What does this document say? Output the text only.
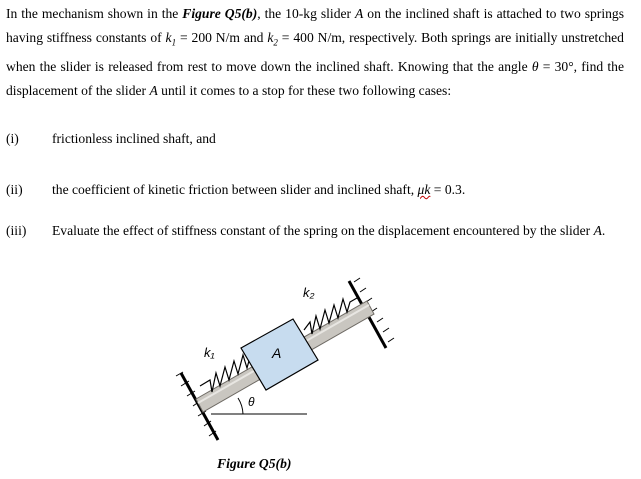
In the mechanism shown in the Figure Q5(b), the 10-kg slider A on the inclined shaft is attached to two springs having stiffness constants of $k_1 = 200$ N/m and $k_2 = 400$ N/m, respectively. Both springs are initially unstretched when the slider is released from rest to move down the inclined shaft. Knowing that the angle θ = 30°, find the displacement of the slider A until it comes to a stop for these two following cases:
(i) frictionless inclined shaft, and
(ii) the coefficient of kinetic friction between slider and inclined shaft, μk = 0.3.
(iii) Evaluate the effect of stiffness constant of the spring on the displacement encountered by the slider A.
k₁
k₂
A
θ
Figure Q5(b)
